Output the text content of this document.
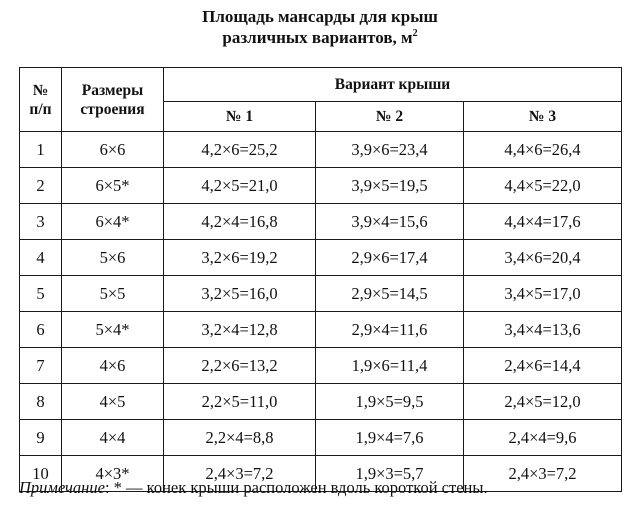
Площадь мансарды для крыш
различных вариантов, $м^2$
№
п/п	Размеры
строения	Вариант крыши		
		№ 1	№ 2	№ 3
1	6×6	4,2×6=25,2	3,9×6=23,4	4,4×6=26,4
2	6×5*	4,2×5=21,0	3,9×5=19,5	4,4×5=22,0
3	6×4*	4,2×4=16,8	3,9×4=15,6	4,4×4=17,6
4	5×6	3,2×6=19,2	2,9×6=17,4	3,4×6=20,4
5	5×5	3,2×5=16,0	2,9×5=14,5	3,4×5=17,0
6	5×4*	3,2×4=12,8	2,9×4=11,6	3,4×4=13,6
7	4×6	2,2×6=13,2	1,9×6=11,4	2,4×6=14,4
8	4×5	2,2×5=11,0	1,9×5=9,5	2,4×5=12,0
9	4×4	2,2×4=8,8	1,9×4=7,6	2,4×4=9,6
10	4×3*	2,4×3=7,2	1,9×3=5,7	2,4×3=7,2
Примечание: * — конек крыши расположен вдоль короткой стены.
